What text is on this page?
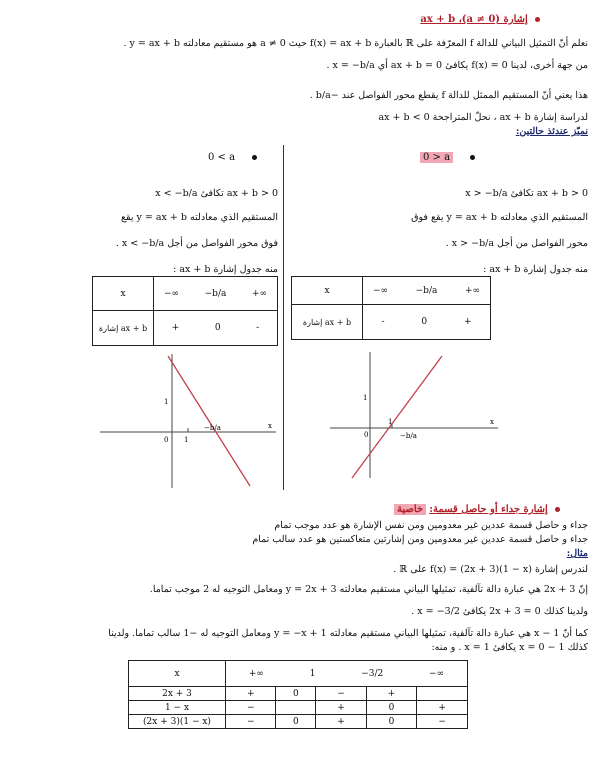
إشارة ax + b ،(a ≠ 0)
نعلم أنّ التمثيل البياني للدالة f المعرّفة على ℝ بالعبارة f(x) = ax + b حيث a ≠ 0 هو مستقيم معادلته y = ax + b .
من جهة أخرى، لدينا f(x) = 0 يكافئ ax + b = 0 أي x = −b/a .
هذا يعني أنّ المستقيم الممثل للدالة f يقطع محور الفواصل عند −b/a .
لدراسة إشارة ax + b ، نحلّ المتراجحة ax + b < 0
نميّز عندئذ حالتين:
0 > a
ax + b > 0 تكافئ x > −b/a
المستقيم الذي معادلته y = ax + b يقع فوق
محور الفواصل من أجل x > −b/a .
منه جدول إشارة ax + b :
x	−∞ −b/a +∞

إشارة ax + b	- 0 +
x
1
1
0	−b/a
0 < a
ax + b > 0 تكافئ x < −b/a
المستقيم الذي معادلته y = ax + b يقع
فوق محور الفواصل من أجل x < −b/a .
منه جدول إشارة ax + b :
x	−∞ −b/a +∞

إشارة ax + b	+ 0 -
x
1
1
0
−b/a
إشارة جداء أو حاصل قسمة: خاصية
جداء و حاصل قسمة عددين غير معدومين ومن نفس الإشارة هو عدد موجب تمام
جداء و حاصل قسمة عددين غير معدومين ومن إشارتين متعاكستين هو عدد سالب تمام
مثال:
لندرس إشارة f(x) = (2x + 3)(1 − x) على ℝ .
إنّ 2x + 3 هي عبارة دالة تآلفية، تمثيلها البياني مستقيم معادلته y = 2x + 3 ومعامل التوجيه له 2 موجب تماما.
ولدينا كذلك 2x + 3 = 0 يكافئ x = −3/2 .
كما أنّ 1 − x هي عبارة دالة تآلفية، تمثيلها البياني مستقيم معادلته y = −x + 1 ومعامل التوجيه له −1 سالب تماما. ولدينا
كذلك 1 − x = 0 يكافئ x = 1 . و منه:
x	+∞ 1 −3/2 −∞				

2x + 3	+	0	−	+	
1 − x	−		+	0	+
(2x + 3)(1 − x)	−	0	+	0	−
